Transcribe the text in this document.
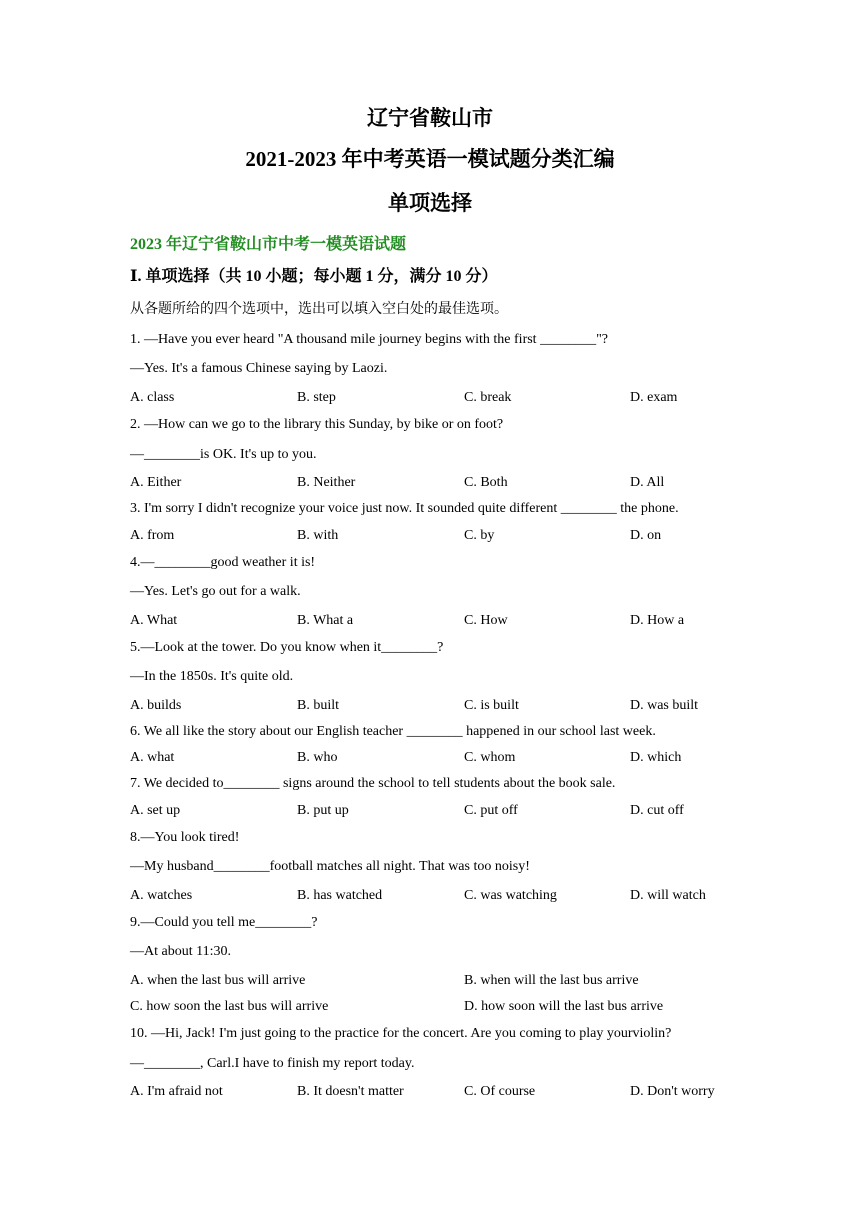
辽宁省鞍山市
2021-2023 年中考英语一模试题分类汇编
单项选择
2023 年辽宁省鞍山市中考一模英语试题
Ⅰ. 单项选择（共 10 小题；每小题 1 分，满分 10 分）
从各题所给的四个选项中，选出可以填入空白处的最佳选项。
1. —Have you ever heard "A thousand mile journey begins with the first ________"?
—Yes. It's a famous Chinese saying by Laozi.
A. class	B. step	C. break	D. exam
2. —How can we go to the library this Sunday, by bike or on foot?
—________is OK. It's up to you.
A. Either	B. Neither	C. Both	D. All
3. I'm sorry I didn't recognize your voice just now. It sounded quite different ________ the phone.
A. from	B. with	C. by	D. on
4.—________good weather it is!
—Yes. Let's go out for a walk.
A. What	B. What a	C. How	D. How a
5.—Look at the tower. Do you know when it________?
—In the 1850s. It's quite old.
A. builds	B. built	C. is built	D. was built
6. We all like the story about our English teacher ________ happened in our school last week.
A. what	B. who	C. whom	D. which
7. We decided to________ signs around the school to tell students about the book sale.
A. set up	B. put up	C. put off	D. cut off
8.—You look tired!
—My husband________football matches all night. That was too noisy!
A. watches	B. has watched	C. was watching	D. will watch
9.—Could you tell me________?
—At about 11:30.
A. when the last bus will arrive	B. when will the last bus arrive
C. how soon the last bus will arrive	D. how soon will the last bus arrive
10. —Hi, Jack! I'm just going to the practice for the concert. Are you coming to play yourviolin?
—________, Carl.I have to finish my report today.
A. I'm afraid not	B. It doesn't matter	C. Of course	D. Don't worry
